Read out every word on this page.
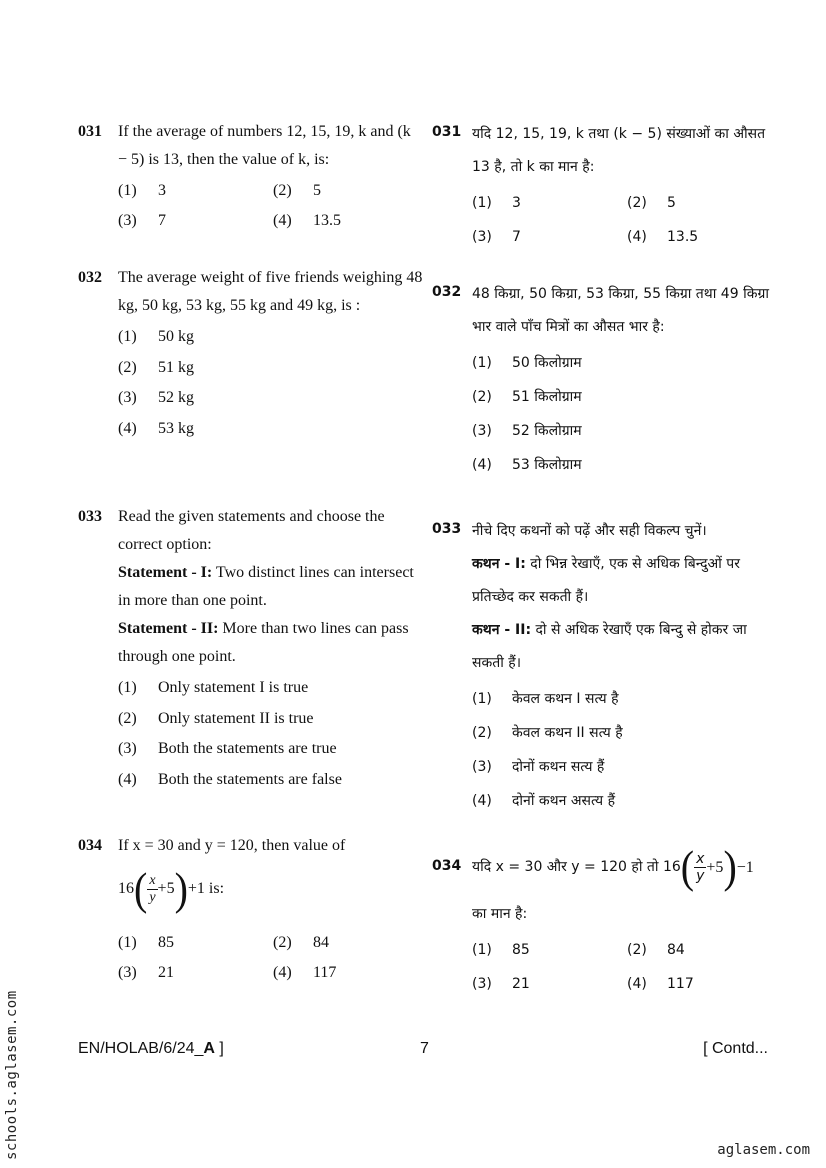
031 If the average of numbers 12, 15, 19, k and (k − 5) is 13, then the value of k, is:

(1) 3	(2) 5
(3) 7	(4) 13.5
032 The average weight of five friends weighing 48 kg, 50 kg, 53 kg, 55 kg and 49 kg, is :

(1) 50 kg
(2) 51 kg
(3) 52 kg
(4) 53 kg
033 Read the given statements and choose the correct option:

Statement - I: Two distinct lines can intersect in more than one point.

Statement - II: More than two lines can pass through one point.

(1) Only statement I is true
(2) Only statement II is true
(3) Both the statements are true
(4) Both the statements are false
034 If x = 30 and y = 120, then value of

16 ( $\frac{x}{y} +5$ ) +1 is:
(1) 85	(2) 84
(3) 21	(4) 117
031 यदि 12, 15, 19, k तथा (k − 5) संख्याओं का औसत 13 है, तो k का मान है:

(1) 3	(2) 5
(3) 7	(4) 13.5
032 48 किग्रा, 50 किग्रा, 53 किग्रा, 55 किग्रा तथा 49 किग्रा भार वाले पाँच मित्रों का औसत भार है:

(1) 50 किलोग्राम
(2) 51 किलोग्राम
(3) 52 किलोग्राम
(4) 53 किलोग्राम
033 नीचे दिए कथनों को पढ़ें और सही विकल्प चुनें।

कथन - I: दो भिन्न रेखाएँ, एक से अधिक बिन्दुओं पर प्रतिच्छेद कर सकती हैं।

कथन - II: दो से अधिक रेखाएँ एक बिन्दु से होकर जा सकती हैं।

(1) केवल कथन I सत्य है
(2) केवल कथन II सत्य है
(3) दोनों कथन सत्य हैं
(4) दोनों कथन असत्य हैं
034 यदि x = 30 और y = 120 हो तो 16 ( $\frac{x}{y} +5$ ) −1

का मान है:

(1) 85	(2) 84
(3) 21	(4) 117
EN/HOLAB/6/24_A ]	7	[ Contd...
schools.aglasem.com	aglasem.com
